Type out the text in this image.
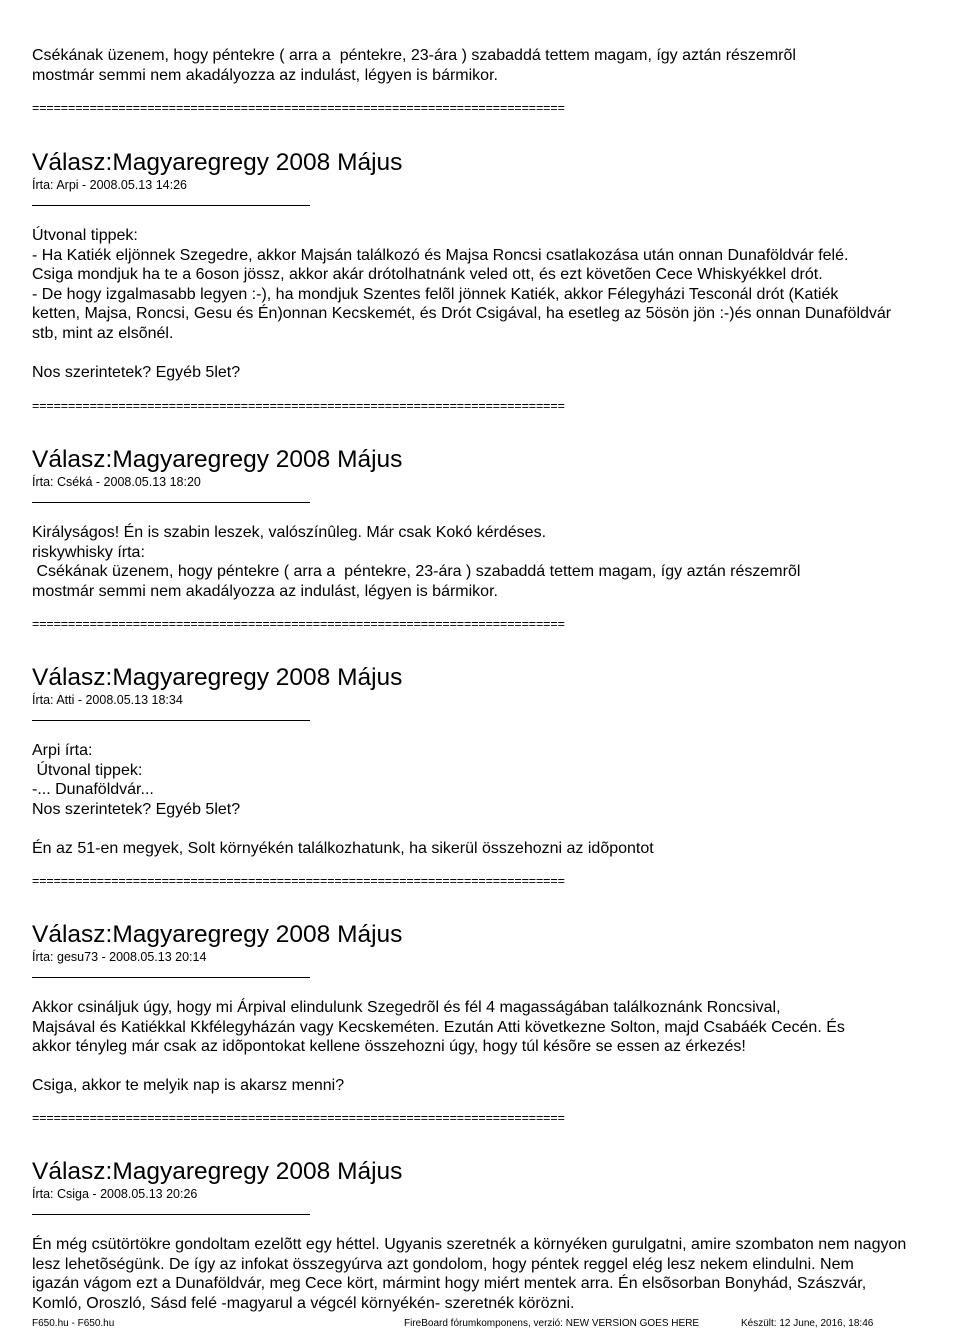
Csékának üzenem, hogy péntekre ( arra a  péntekre, 23-ára ) szabaddá tettem magam, így aztán részemrõl
mostmár semmi nem akadályozza az indulást, légyen is bármikor.
==========================================================================
Válasz:Magyaregregy 2008 Május
Írta: Arpi - 2008.05.13 14:26
Útvonal tippek:
- Ha Katiék eljönnek Szegedre, akkor Majsán találkozó és Majsa Roncsi csatlakozása után onnan Dunaföldvár felé.
Csiga mondjuk ha te a 6oson jössz, akkor akár drótolhatnánk veled ott, és ezt követõen Cece Whiskyékkel drót.
- De hogy izgalmasabb legyen :-), ha mondjuk Szentes felõl jönnek Katiék, akkor Félegyházi Tesconál drót (Katiék
ketten, Majsa, Roncsi, Gesu és Én)onnan Kecskemét, és Drót Csigával, ha esetleg az 5ösön jön :-)és onnan Dunaföldvár
stb, mint az elsõnél.

Nos szerintetek? Egyéb 5let?
==========================================================================
Válasz:Magyaregregy 2008 Május
Írta: Cséká - 2008.05.13 18:20
Királyságos! Én is szabin leszek, valószínûleg. Már csak Kokó kérdéses.
riskywhisky írta:
Csékának üzenem, hogy péntekre ( arra a  péntekre, 23-ára ) szabaddá tettem magam, így aztán részemrõl
mostmár semmi nem akadályozza az indulást, légyen is bármikor.
==========================================================================
Válasz:Magyaregregy 2008 Május
Írta: Atti - 2008.05.13 18:34
Arpi írta:
Útvonal tippek:
-... Dunaföldvár...
Nos szerintetek? Egyéb 5let?

Én az 51-en megyek, Solt környékén találkozhatunk, ha sikerül összehozni az idõpontot
==========================================================================
Válasz:Magyaregregy 2008 Május
Írta: gesu73 - 2008.05.13 20:14
Akkor csináljuk úgy, hogy mi Árpival elindulunk Szegedrõl és fél 4 magasságában találkoznánk Roncsival,
Majsával és Katiékkal Kkfélegyházán vagy Kecskeméten. Ezután Atti következne Solton, majd Csabáék Cecén. És
akkor tényleg már csak az idõpontokat kellene összehozni úgy, hogy túl késõre se essen az érkezés!

Csiga, akkor te melyik nap is akarsz menni?
==========================================================================
Válasz:Magyaregregy 2008 Május
Írta: Csiga - 2008.05.13 20:26
Én még csütörtökre gondoltam ezelõtt egy héttel. Ugyanis szeretnék a környéken gurulgatni, amire szombaton nem nagyon
lesz lehetõségünk. De így az infokat összegyúrva azt gondolom, hogy péntek reggel elég lesz nekem elindulni. Nem
igazán vágom ezt a Dunaföldvár, meg Cece kört, mármint hogy miért mentek arra. Én elsõsorban Bonyhád, Szászvár,
Komló, Oroszló, Sásd felé -magyarul a végcél környékén- szeretnék körözni.
F650.hu - F650.hu	FireBoard fórumkomponens, verzió: NEW VERSION GOES HERE	Készült: 12 June, 2016, 18:46
